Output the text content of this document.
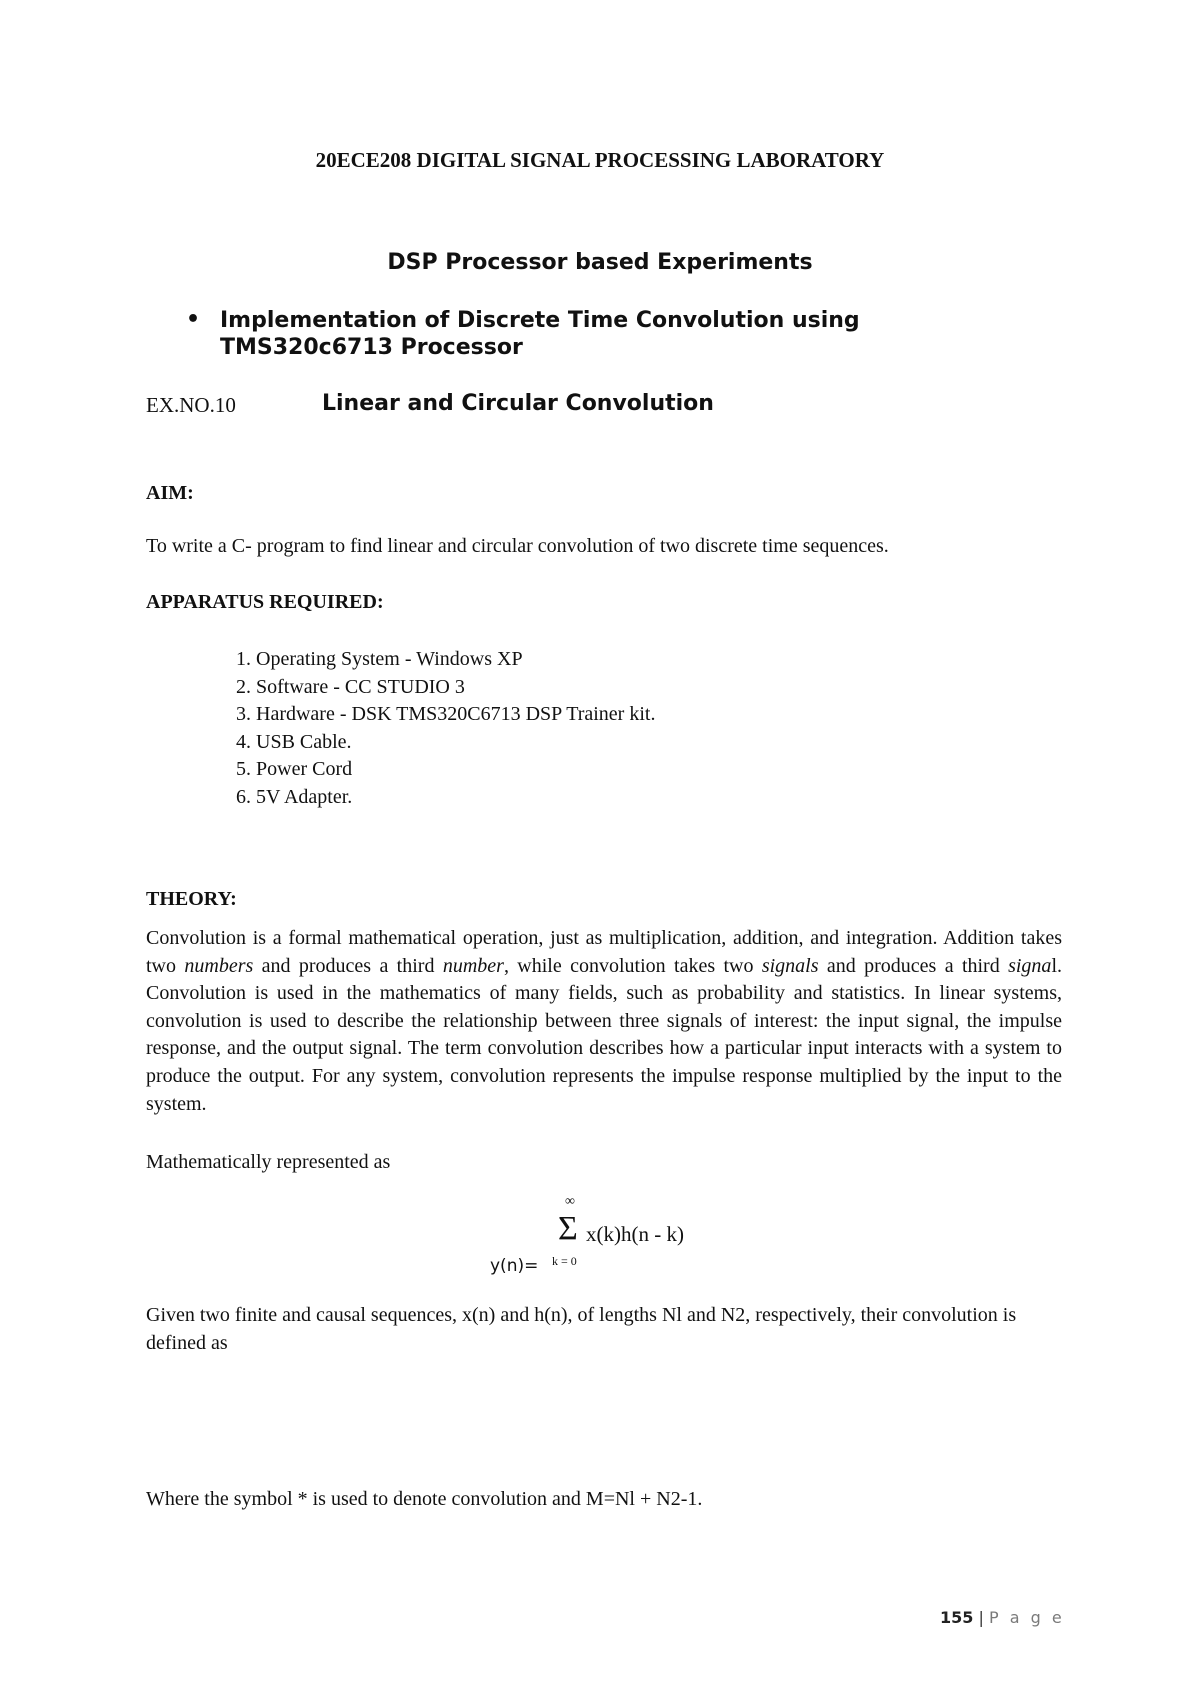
20ECE208 DIGITAL SIGNAL PROCESSING LABORATORY
DSP Processor based Experiments
• Implementation of Discrete Time Convolution using TMS320c6713 Processor
EX.NO.10	Linear and Circular Convolution
AIM:
To write a C- program to find linear and circular convolution of two discrete time sequences.
APPARATUS REQUIRED:
1. Operating System - Windows XP
2. Software - CC STUDIO 3
3. Hardware - DSK TMS320C6713 DSP Trainer kit.
4. USB Cable.
5. Power Cord
6. 5V Adapter.
THEORY:
Convolution is a formal mathematical operation, just as multiplication, addition, and integration. Addition takes two numbers and produces a third number, while convolution takes two signals and produces a third signal. Convolution is used in the mathematics of many fields, such as probability and statistics. In linear systems, convolution is used to describe the relationship between three signals of interest: the input signal, the impulse response, and the output signal. The term convolution describes how a particular input interacts with a system to produce the output. For any system, convolution represents the impulse response multiplied by the input to the system.
Mathematically represented as
y(n)=
∞
Σ
k = 0
x(k)h(n - k)
Given two finite and causal sequences, x(n) and h(n), of lengths Nl and N2, respectively, their convolution is defined as
Where the symbol * is used to denote convolution and M=Nl + N2-1.
155 | P a g e
